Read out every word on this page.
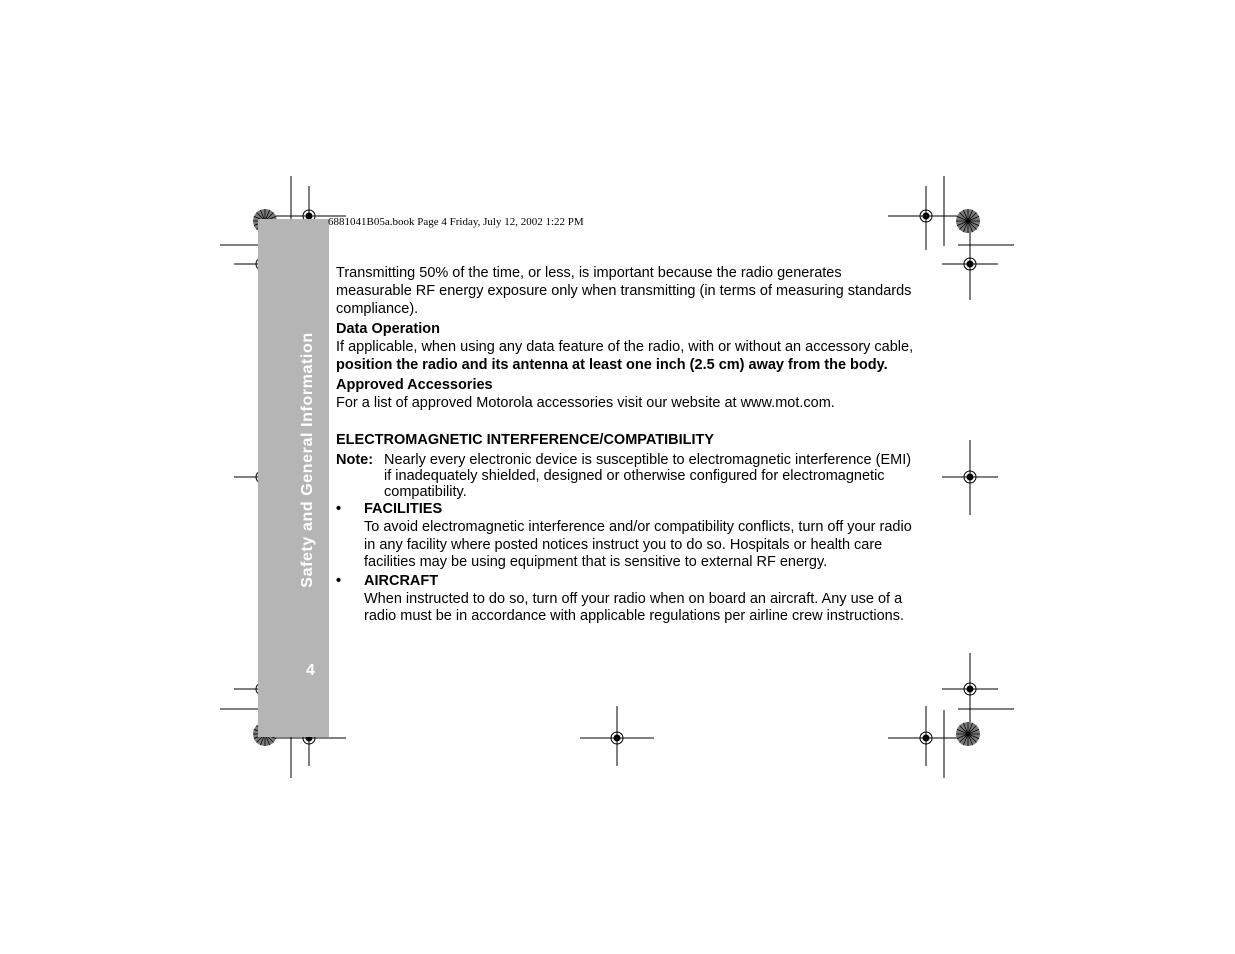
Safety and General Information
4
6881041B05a.book Page 4 Friday, July 12, 2002 1:22 PM

Transmitting 50% of the time, or less, is important because the radio generates measurable RF energy exposure only when transmitting (in terms of measuring standards compliance).

Data Operation

If applicable, when using any data feature of the radio, with or without an accessory cable, position the radio and its antenna at least one inch (2.5 cm) away from the body.

Approved Accessories

For a list of approved Motorola accessories visit our website at www.mot.com.

ELECTROMAGNETIC INTERFERENCE/COMPATIBILITY
Note: Nearly every electronic device is susceptible to electromagnetic interference (EMI) if inadequately shielded, designed or otherwise configured for electromagnetic compatibility.
•	FACILITIES
To avoid electromagnetic interference and/or compatibility conflicts, turn off your radio in any facility where posted notices instruct you to do so. Hospitals or health care facilities may be using equipment that is sensitive to external RF energy.
•	AIRCRAFT
When instructed to do so, turn off your radio when on board an aircraft. Any use of a radio must be in accordance with applicable regulations per airline crew instructions.
